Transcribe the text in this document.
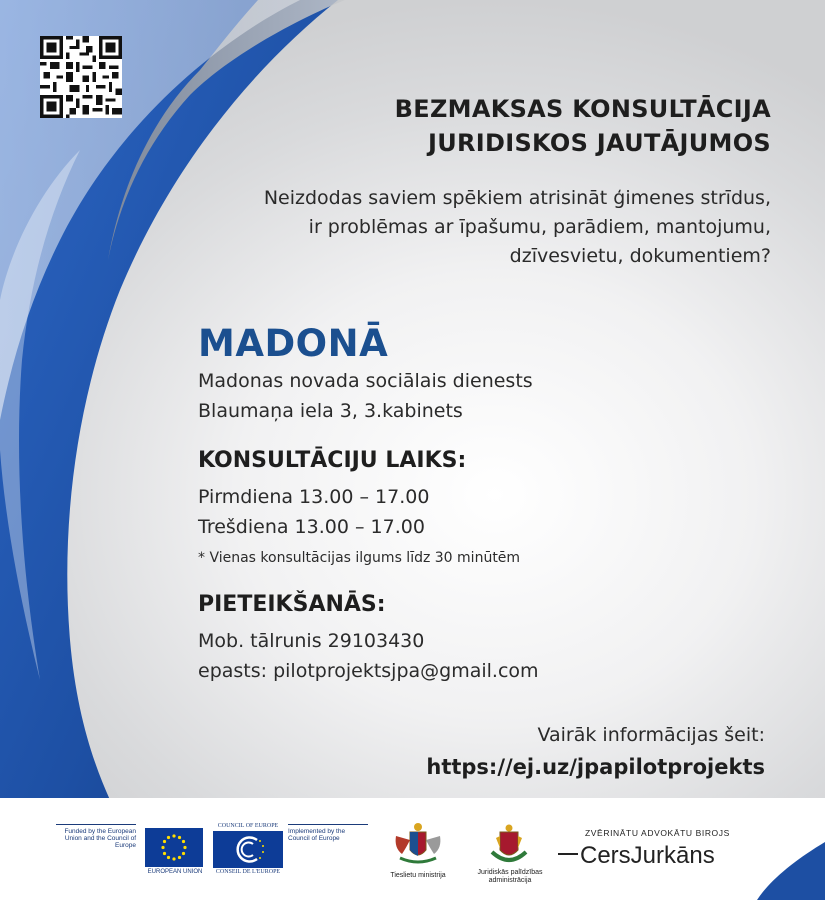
BEZMAKSAS KONSULTĀCIJA
JURIDISKOS JAUTĀJUMOS
Neizdodas saviem spēkiem atrisināt ģimenes strīdus,
ir problēmas ar īpašumu, parādiem, mantojumu,
dzīvesvietu, dokumentiem?
MADONĀ
Madonas novada sociālais dienests
Blaumaņa iela 3, 3.kabinets
KONSULTĀCIJU LAIKS:
Pirmdiena 13.00 – 17.00
Trešdiena 13.00 – 17.00
* Vienas konsultācijas ilgums līdz 30 minūtēm
PIETEIKŠANĀS:
Mob. tālrunis 29103430
epasts: pilotprojektsjpa@gmail.com
Vairāk informācijas šeit:
https://ej.uz/jpapilotprojekts
Funded by the European Union and the Council of Europe
EUROPEAN UNION
COUNCIL OF EUROPE
CONSEIL DE L'EUROPE
Implemented by the Council of Europe
Tieslietu ministrija	Juridiskās palīdzības administrācija
ZVĒRINĀTU ADVOKĀTU BIROJS
CersJurkāns
